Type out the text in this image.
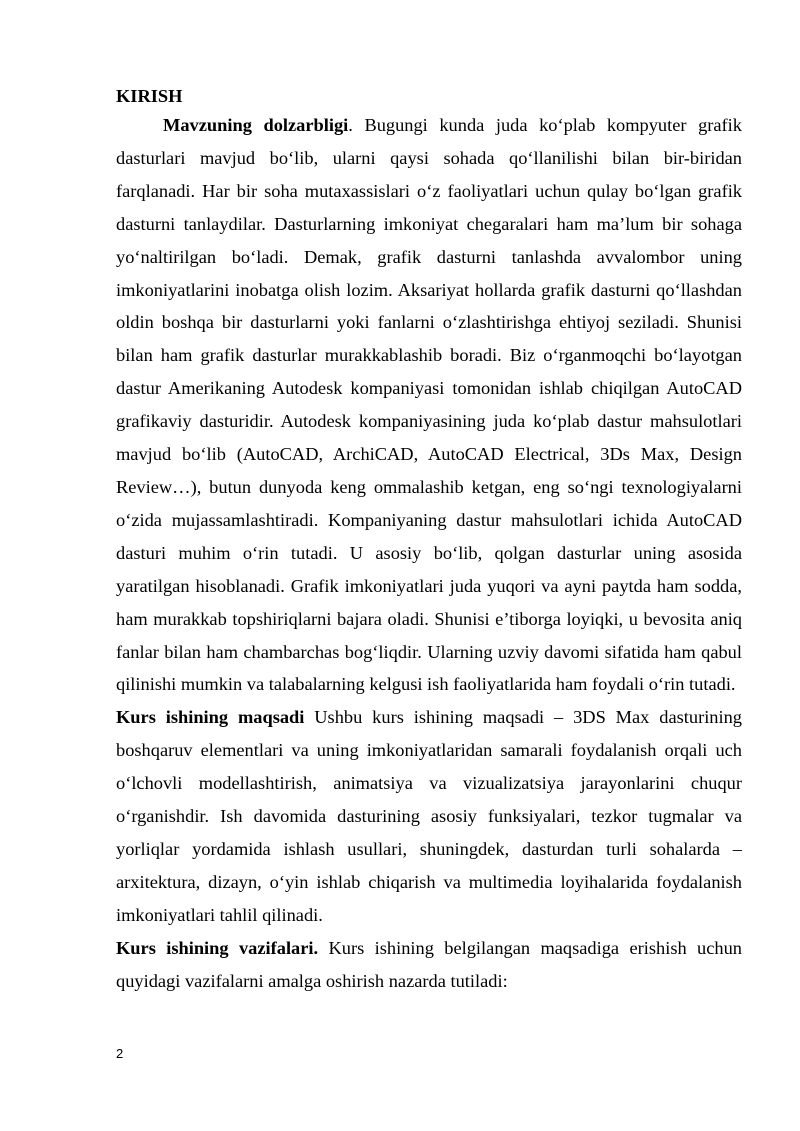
KIRISH

Mavzuning dolzarbligi. Bugungi kunda juda ko‘plab kompyuter grafik dasturlari mavjud bo‘lib, ularni qaysi sohada qo‘llanilishi bilan bir-biridan farqlanadi. Har bir soha mutaxassislari o‘z faoliyatlari uchun qulay bo‘lgan grafik dasturni tanlaydilar. Dasturlarning imkoniyat chegaralari ham ma’lum bir sohaga yo‘naltirilgan bo‘ladi. Demak, grafik dasturni tanlashda avvalombor uning imkoniyatlarini inobatga olish lozim. Aksariyat hollarda grafik dasturni qo‘llashdan oldin boshqa bir dasturlarni yoki fanlarni o‘zlashtirishga ehtiyoj seziladi. Shunisi bilan ham grafik dasturlar murakkablashib boradi. Biz o‘rganmoqchi bo‘layotgan dastur Amerikaning Autodesk kompaniyasi tomonidan ishlab chiqilgan AutoCAD grafikaviy dasturidir. Autodesk kompaniyasining juda ko‘plab dastur mahsulotlari mavjud bo‘lib (AutoCAD, ArchiCAD, AutoCAD Electrical, 3Ds Max, Design Review…), butun dunyoda keng ommalashib ketgan, eng so‘ngi texnologiyalarni o‘zida mujassamlashtiradi. Kompaniyaning dastur mahsulotlari ichida AutoCAD dasturi muhim o‘rin tutadi. U asosiy bo‘lib, qolgan dasturlar uning asosida yaratilgan hisoblanadi. Grafik imkoniyatlari juda yuqori va ayni paytda ham sodda, ham murakkab topshiriqlarni bajara oladi. Shunisi e’tiborga loyiqki, u bevosita aniq fanlar bilan ham chambarchas bog‘liqdir. Ularning uzviy davomi sifatida ham qabul qilinishi mumkin va talabalarning kelgusi ish faoliyatlarida ham foydali o‘rin tutadi.

Kurs ishining maqsadi Ushbu kurs ishining maqsadi – 3DS Max dasturining boshqaruv elementlari va uning imkoniyatlaridan samarali foydalanish orqali uch o‘lchovli modellashtirish, animatsiya va vizualizatsiya jarayonlarini chuqur o‘rganishdir. Ish davomida dasturining asosiy funksiyalari, tezkor tugmalar va yorliqlar yordamida ishlash usullari, shuningdek, dasturdan turli sohalarda – arxitektura, dizayn, o‘yin ishlab chiqarish va multimedia loyihalarida foydalanish imkoniyatlari tahlil qilinadi.

Kurs ishining vazifalari. Kurs ishining belgilangan maqsadiga erishish uchun quyidagi vazifalarni amalga oshirish nazarda tutiladi:

2
